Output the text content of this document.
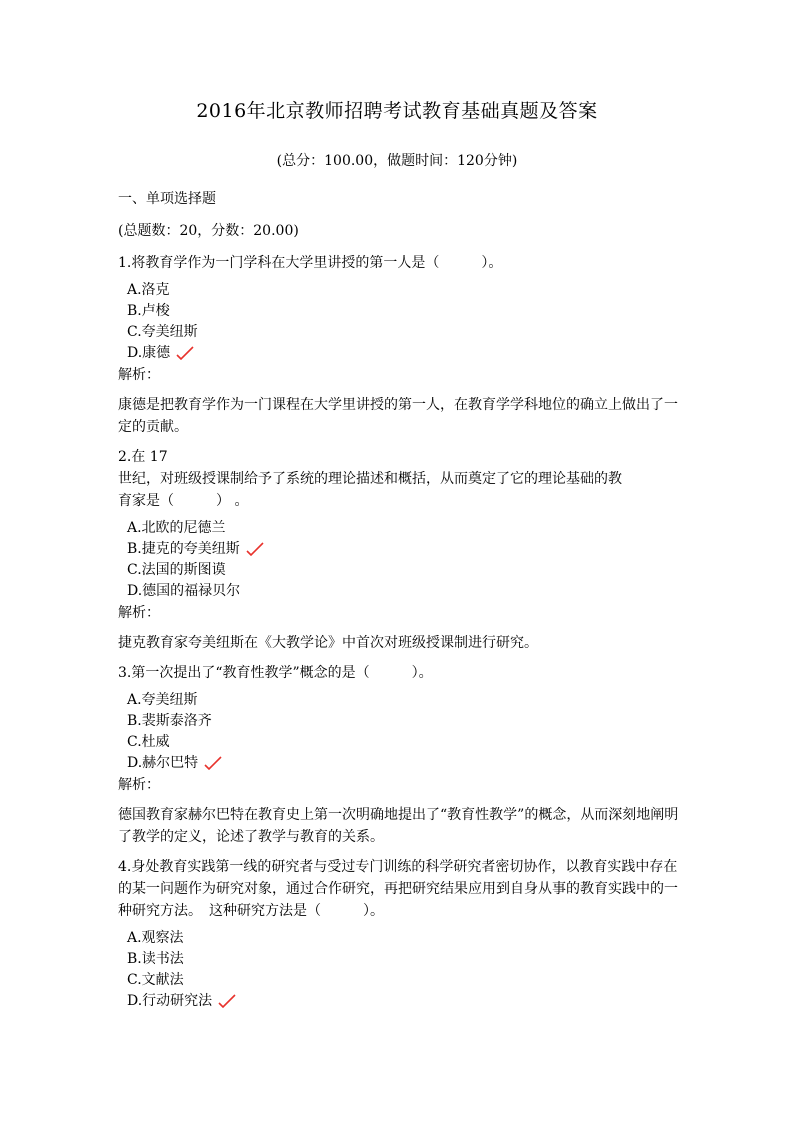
2016年北京教师招聘考试教育基础真题及答案
(总分：100.00，做题时间：120分钟)
一、单项选择题
(总题数：20，分数：20.00)
1.将教育学作为一门学科在大学里讲授的第一人是（　　　）。
A.洛克
B.卢梭
C.夸美纽斯
D.康德
解析：
康德是把教育学作为一门课程在大学里讲授的第一人，在教育学学科地位的确立上做出了一定的贡献。
2.在 17
世纪，对班级授课制给予了系统的理论描述和概括，从而奠定了它的理论基础的教
育家是（　　　） 。
A.北欧的尼德兰
B.捷克的夸美纽斯
C.法国的斯图谟
D.德国的福禄贝尔
解析：
捷克教育家夸美纽斯在《大教学论》中首次对班级授课制进行研究。
3.第一次提出了“教育性教学”概念的是（　　　）。
A.夸美纽斯
B.裴斯泰洛齐
C.杜威
D.赫尔巴特
解析：
德国教育家赫尔巴特在教育史上第一次明确地提出了“教育性教学”的概念，从而深刻地阐明了教学的定义，论述了教学与教育的关系。
4.身处教育实践第一线的研究者与受过专门训练的科学研究者密切协作，以教育实践中存在的某一问题作为研究对象，通过合作研究，再把研究结果应用到自身从事的教育实践中的一 种研究方法。　这种研究方法是（　　　）。
A.观察法
B.读书法
C.文献法
D.行动研究法
